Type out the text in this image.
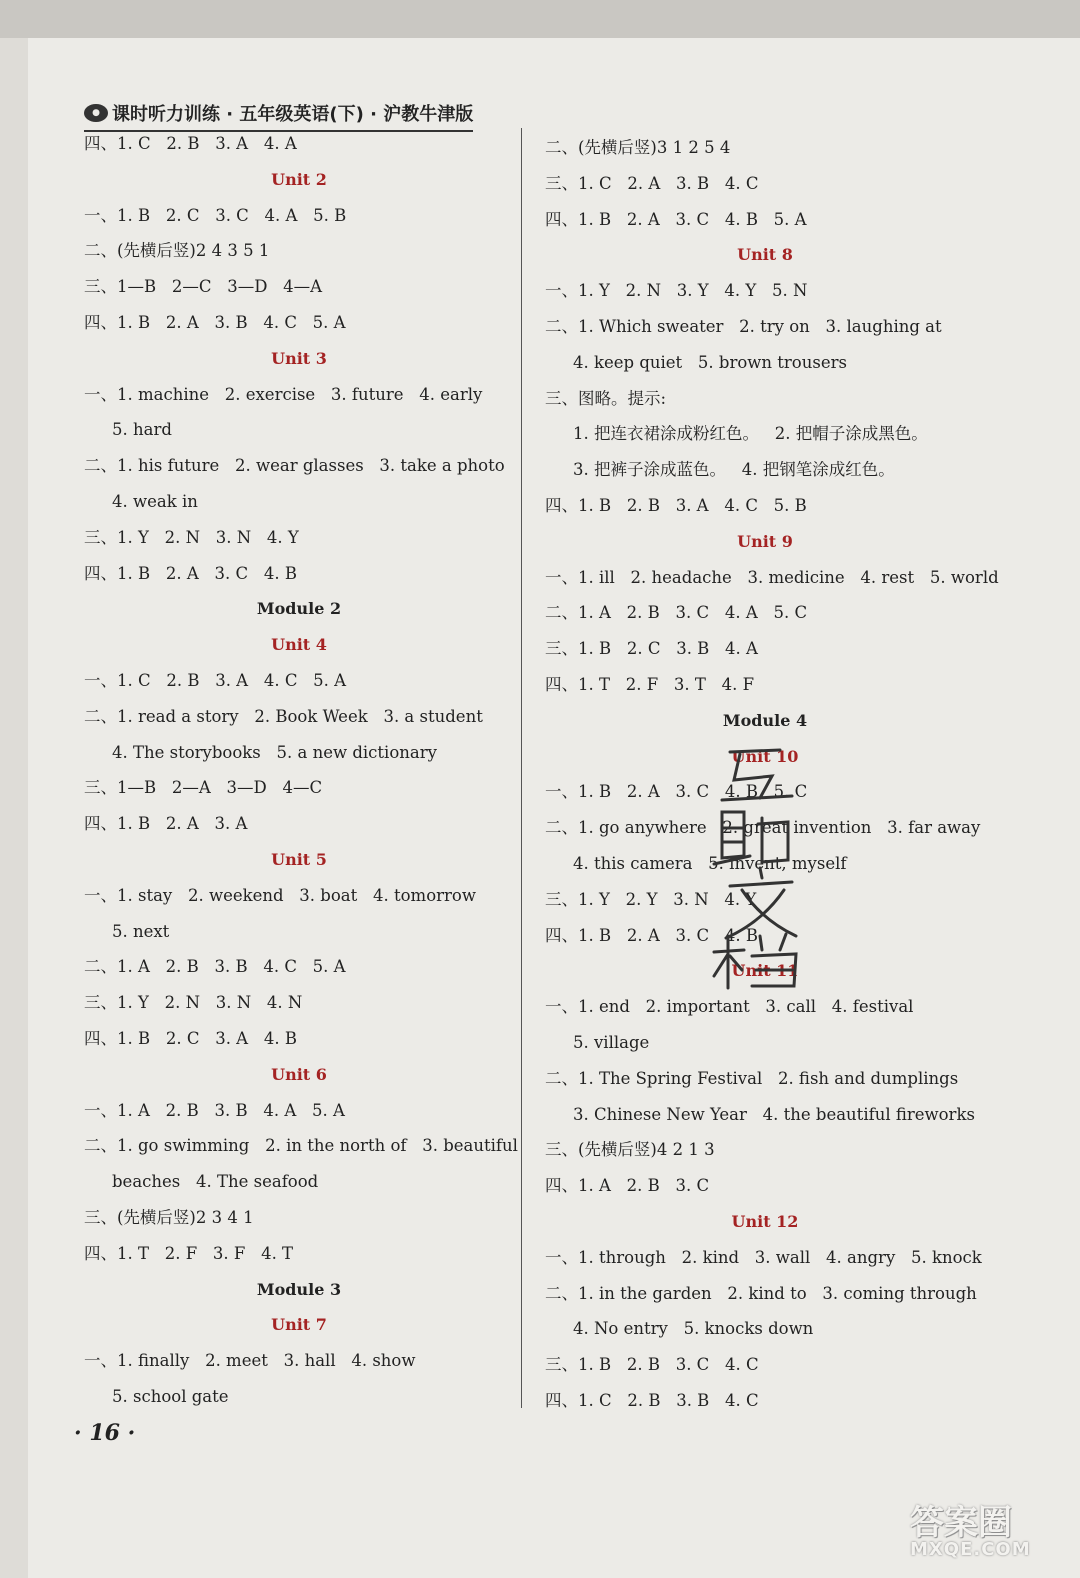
● 课时听力训练 · 五年级英语(下) · 沪教牛津版
四、1. C   2. B   3. A   4. A
Unit 2
一、1. B   2. C   3. C   4. A   5. B
二、(先横后竖)2 4 3 5 1
三、1—B   2—C   3—D   4—A
四、1. B   2. A   3. B   4. C   5. A
Unit 3
一、1. machine   2. exercise   3. future   4. early
5. hard
二、1. his future   2. wear glasses   3. take a photo
4. weak in
三、1. Y   2. N   3. N   4. Y
四、1. B   2. A   3. C   4. B
Module 2
Unit 4
一、1. C   2. B   3. A   4. C   5. A
二、1. read a story   2. Book Week   3. a student
4. The storybooks   5. a new dictionary
三、1—B   2—A   3—D   4—C
四、1. B   2. A   3. A
Unit 5
一、1. stay   2. weekend   3. boat   4. tomorrow
5. next
二、1. A   2. B   3. B   4. C   5. A
三、1. Y   2. N   3. N   4. N
四、1. B   2. C   3. A   4. B
Unit 6
一、1. A   2. B   3. B   4. A   5. A
二、1. go swimming   2. in the north of   3. beautiful
beaches   4. The seafood
三、(先横后竖)2 3 4 1
四、1. T   2. F   3. F   4. T
Module 3
Unit 7
一、1. finally   2. meet   3. hall   4. show
5. school gate
二、(先横后竖)3 1 2 5 4
三、1. C   2. A   3. B   4. C
四、1. B   2. A   3. C   4. B   5. A
Unit 8
一、1. Y   2. N   3. Y   4. Y   5. N
二、1. Which sweater   2. try on   3. laughing at
4. keep quiet   5. brown trousers
三、图略。提示:
1. 把连衣裙涂成粉红色。   2. 把帽子涂成黑色。
3. 把裤子涂成蓝色。   4. 把钢笔涂成红色。
四、1. B   2. B   3. A   4. C   5. B
Unit 9
一、1. ill   2. headache   3. medicine   4. rest   5. world
二、1. A   2. B   3. C   4. A   5. C
三、1. B   2. C   3. B   4. A
四、1. T   2. F   3. T   4. F
Module 4
Unit 10
一、1. B   2. A   3. C   4. B   5. C
二、1. go anywhere   2. great invention   3. far away
4. this camera   5. invent, myself
三、1. Y   2. Y   3. N   4. Y
四、1. B   2. A   3. C   4. B
Unit 11
一、1. end   2. important   3. call   4. festival
5. village
二、1. The Spring Festival   2. fish and dumplings
3. Chinese New Year   4. the beautiful fireworks
三、(先横后竖)4 2 1 3
四、1. A   2. B   3. C
Unit 12
一、1. through   2. kind   3. wall   4. angry   5. knock
二、1. in the garden   2. kind to   3. coming through
4. No entry   5. knocks down
三、1. B   2. B   3. C   4. C
四、1. C   2. B   3. B   4. C
· 16 ·
答案圈
MXQE.COM
